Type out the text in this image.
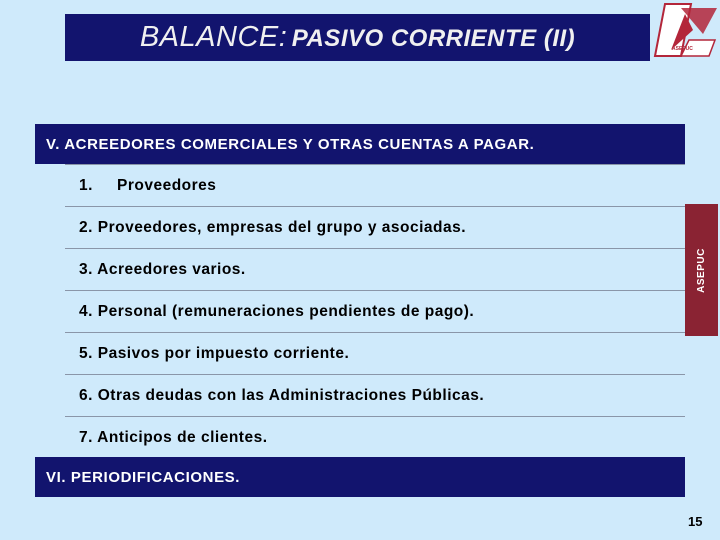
BALANCE: PASIVO CORRIENTE (II)	ASEPUC
ASEPUC
V. ACREEDORES COMERCIALES Y OTRAS CUENTAS A PAGAR.
1.	Proveedores
2. Proveedores, empresas del grupo y asociadas.
3. Acreedores varios.
4. Personal (remuneraciones pendientes de pago).
5. Pasivos por impuesto corriente.
6. Otras deudas con las Administraciones Públicas.
7. Anticipos de clientes.
VI. PERIODIFICACIONES.
15
